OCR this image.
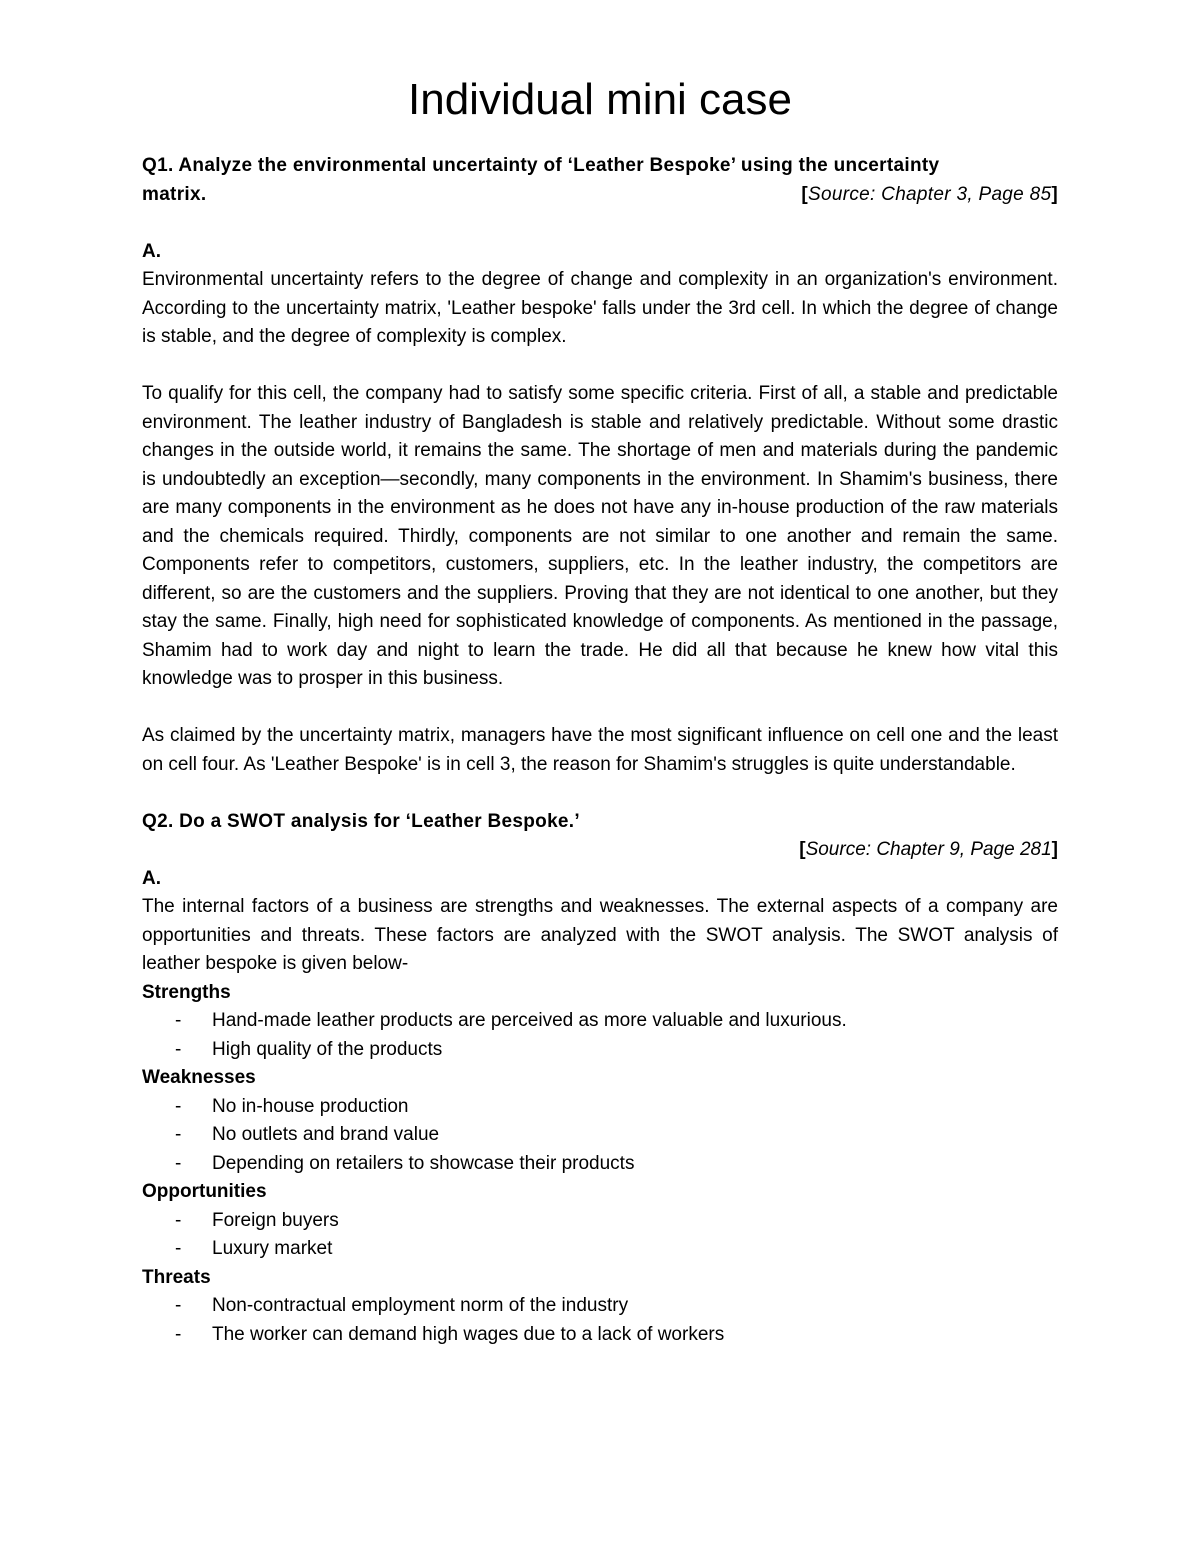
Individual mini case

Q1. Analyze the environmental uncertainty of ‘Leather Bespoke’ using the uncertainty

matrix.	[Source: Chapter 3, Page 85]

A.

Environmental uncertainty refers to the degree of change and complexity in an organization's environment. According to the uncertainty matrix, 'Leather bespoke' falls under the 3rd cell. In which the degree of change is stable, and the degree of complexity is complex.

To qualify for this cell, the company had to satisfy some specific criteria. First of all, a stable and predictable environment. The leather industry of Bangladesh is stable and relatively predictable. Without some drastic changes in the outside world, it remains the same. The shortage of men and materials during the pandemic is undoubtedly an exception—secondly, many components in the environment. In Shamim's business, there are many components in the environment as he does not have any in-house production of the raw materials and the chemicals required. Thirdly, components are not similar to one another and remain the same. Components refer to competitors, customers, suppliers, etc. In the leather industry, the competitors are different, so are the customers and the suppliers. Proving that they are not identical to one another, but they stay the same. Finally, high need for sophisticated knowledge of components. As mentioned in the passage, Shamim had to work day and night to learn the trade. He did all that because he knew how vital this knowledge was to prosper in this business.

As claimed by the uncertainty matrix, managers have the most significant influence on cell one and the least on cell four. As 'Leather Bespoke' is in cell 3, the reason for Shamim's struggles is quite understandable.

Q2. Do a SWOT analysis for ‘Leather Bespoke.’

[Source: Chapter 9, Page 281]

A.

The internal factors of a business are strengths and weaknesses. The external aspects of a company are opportunities and threats. These factors are analyzed with the SWOT analysis. The SWOT analysis of leather bespoke is given below-

Strengths

- Hand-made leather products are perceived as more valuable and luxurious.
- High quality of the products

Weaknesses

- No in-house production
- No outlets and brand value
- Depending on retailers to showcase their products

Opportunities

- Foreign buyers
- Luxury market

Threats

- Non-contractual employment norm of the industry
- The worker can demand high wages due to a lack of workers
